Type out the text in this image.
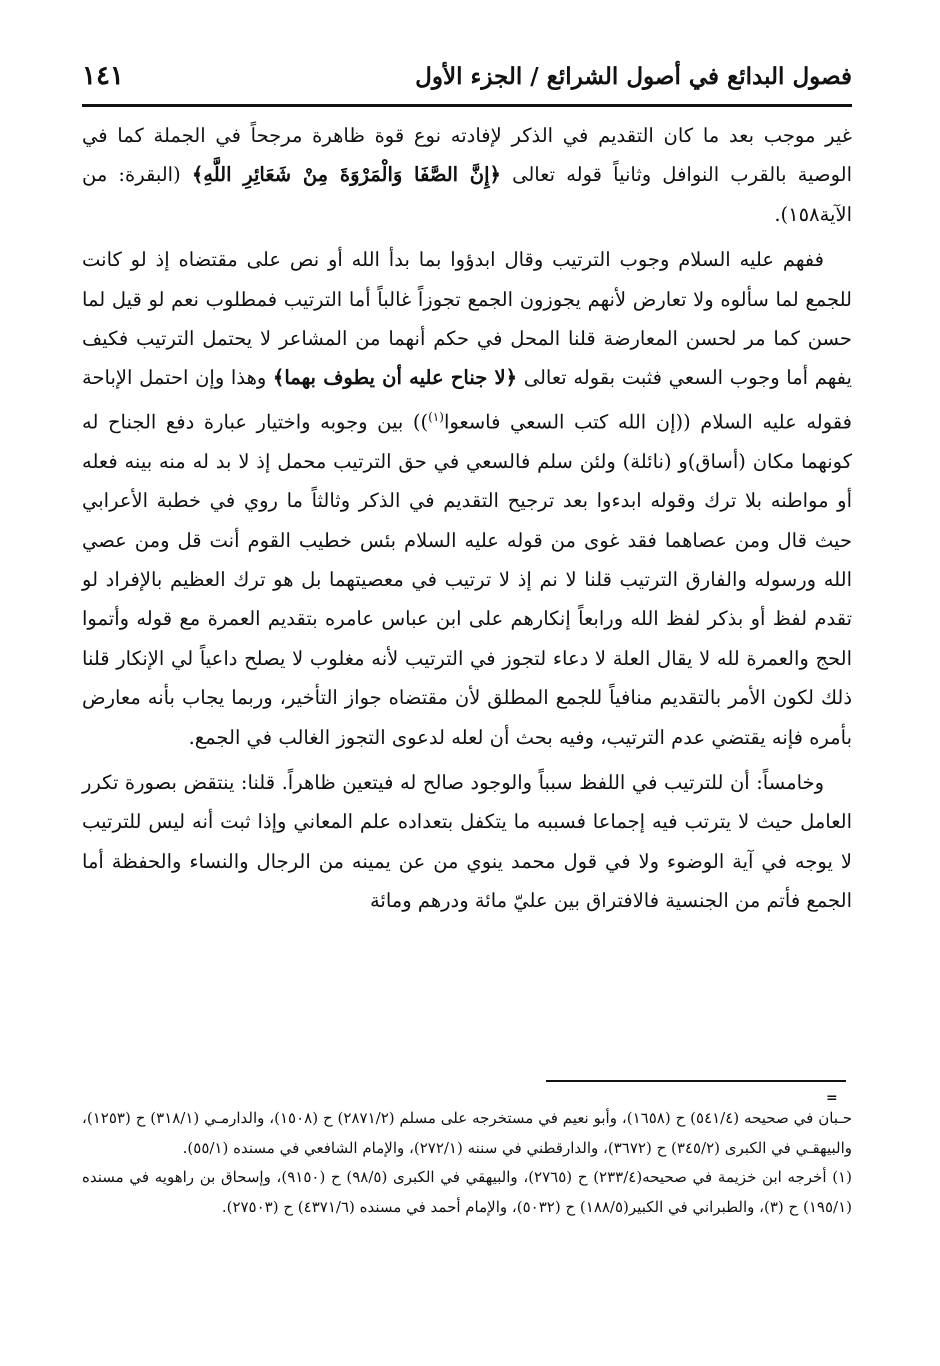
فصول البدائع في أصول الشرائع / الجزء الأول
١٤١

غير موجب بعد ما كان التقديم في الذكر لإفادته نوع قوة ظاهرة مرجحاً في الجملة كما في الوصية بالقرب النوافل وثانياً قوله تعالى ﴿إِنَّ الصَّفَا وَالْمَرْوَةَ مِنْ شَعَائِرِ اللَّهِ﴾ (البقرة: من الآية١٥٨).

ففهم عليه السلام وجوب الترتيب وقال ابدؤوا بما بدأ الله أو نص على مقتضاه إذ لو كانت للجمع لما سألوه ولا تعارض لأنهم يجوزون الجمع تجوزاً غالباً أما الترتيب فمطلوب نعم لو قيل لما حسن كما مر لحسن المعارضة قلنا المحل في حكم أنهما من المشاعر لا يحتمل الترتيب فكيف يفهم أما وجوب السعي فثبت بقوله تعالى ﴿لا جناح عليه أن يطوف بهما﴾ وهذا وإن احتمل الإباحة فقوله عليه السلام ((إن الله كتب السعي فاسعوا$^{(١)}$)) بين وجوبه واختيار عبارة دفع الجناح له كونهما مكان (أساق)و (نائلة) ولئن سلم فالسعي في حق الترتيب محمل إذ لا بد له منه بينه فعله أو مواطنه بلا ترك وقوله ابدءوا بعد ترجيح التقديم في الذكر وثالثاً ما روي في خطبة الأعرابي حيث قال ومن عصاهما فقد غوى من قوله عليه السلام بئس خطيب القوم أنت قل ومن عصي الله ورسوله والفارق الترتيب قلنا لا نم إذ لا ترتيب في معصيتهما بل هو ترك العظيم بالإفراد لو تقدم لفظ أو بذكر لفظ الله ورابعاً إنكارهم على ابن عباس عامره بتقديم العمرة مع قوله وأتموا الحج والعمرة لله لا يقال العلة لا دعاء لتجوز في الترتيب لأنه مغلوب لا يصلح داعياً لي الإنكار قلنا ذلك لكون الأمر بالتقديم منافياً للجمع المطلق لأن مقتضاه جواز التأخير، وربما يجاب بأنه معارض بأمره فإنه يقتضي عدم الترتيب، وفيه بحث أن لعله لدعوى التجوز الغالب في الجمع.

وخامساً: أن للترتيب في اللفظ سبباً والوجود صالح له فيتعين ظاهراً. قلنا: ينتقض بصورة تكرر العامل حيث لا يترتب فيه إجماعا فسببه ما يتكفل بتعداده علم المعاني وإذا ثبت أنه ليس للترتيب لا يوجه في آية الوضوء ولا في قول محمد ينوي من عن يمينه من الرجال والنساء والحفظة أما الجمع فأتم من الجنسية فالافتراق بين عليّ مائة ودرهم ومائة

=

حـبان في صحيحه (٥٤١/٤) ح (١٦٥٨)، وأبو نعيم في مستخرجه على مسلم (٢٨٧١/٢) ح (١٥٠٨)، والدارمـي (٣١٨/١) ح (١٢٥٣)، والبيهقـي في الكبرى (٣٤٥/٢) ح (٣٦٧٢)، والدارقطني في سننه (٢٧٢/١)، والإمام الشافعي في مسنده (٥٥/١).

(١) أخرجه ابن خزيمة في صحيحه(٢٣٣/٤) ح (٢٧٦٥)، والبيهقي في الكبرى (٩٨/٥) ح (٩١٥٠)، وإسحاق بن راهويه في مسنده (١٩٥/١) ح (٣)، والطبراني في الكبير(١٨٨/٥) ح (٥٠٣٢)، والإمام أحمد في مسنده (٤٣٧١/٦) ح (٢٧٥٠٣).
